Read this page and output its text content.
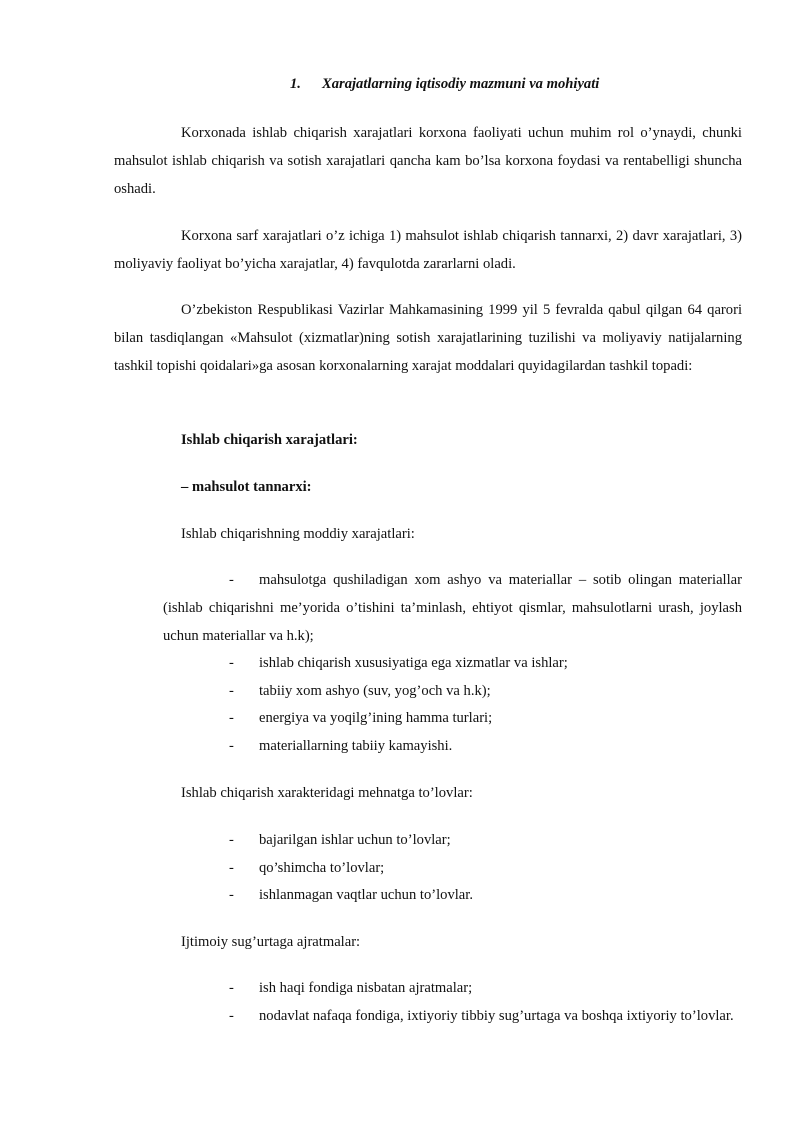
1. Xarajatlarning iqtisodiy mazmuni va mohiyati

Korxonada ishlab chiqarish xarajatlari korxona faoliyati uchun muhim rol o’ynaydi, chunki mahsulot ishlab chiqarish va sotish xarajatlari qancha kam bo’lsa korxona foydasi va rentabelligi shuncha oshadi.

Korxona sarf xarajatlari o’z ichiga 1) mahsulot ishlab chiqarish tannarxi, 2) davr xarajatlari, 3) moliyaviy faoliyat bo’yicha xarajatlar, 4) favqulotda zararlarni oladi.

O’zbekiston Respublikasi Vazirlar Mahkamasining 1999 yil 5 fevralda qabul qilgan 64 qarori bilan tasdiqlangan «Mahsulot (xizmatlar)ning sotish xarajatlarining tuzilishi va moliyaviy natijalarning tashkil topishi qoidalari»ga asosan korxonalarning xarajat moddalari quyidagilardan tashkil topadi:

Ishlab chiqarish xarajatlari:
– mahsulot tannarxi:
Ishlab chiqarishning moddiy xarajatlari:
-	mahsulotga qushiladigan xom ashyo va materiallar – sotib olingan materiallar (ishlab chiqarishni me’yorida o’tishini ta’minlash, ehtiyot qismlar, mahsulotlarni urash, joylash uchun materiallar va h.k);
-	ishlab chiqarish xususiyatiga ega xizmatlar va ishlar;
-	tabiiy xom ashyo (suv, yog’och va h.k);
-	energiya va yoqilg’ining hamma turlari;
-	materiallarning tabiiy kamayishi.
Ishlab chiqarish xarakteridagi mehnatga to’lovlar:
-	bajarilgan ishlar uchun to’lovlar;
-	qo’shimcha to’lovlar;
-	ishlanmagan vaqtlar uchun to’lovlar.
Ijtimoiy sug’urtaga ajratmalar:
-	ish haqi fondiga nisbatan ajratmalar;
-	nodavlat nafaqa fondiga, ixtiyoriy tibbiy sug’urtaga va boshqa ixtiyoriy to’lovlar.
